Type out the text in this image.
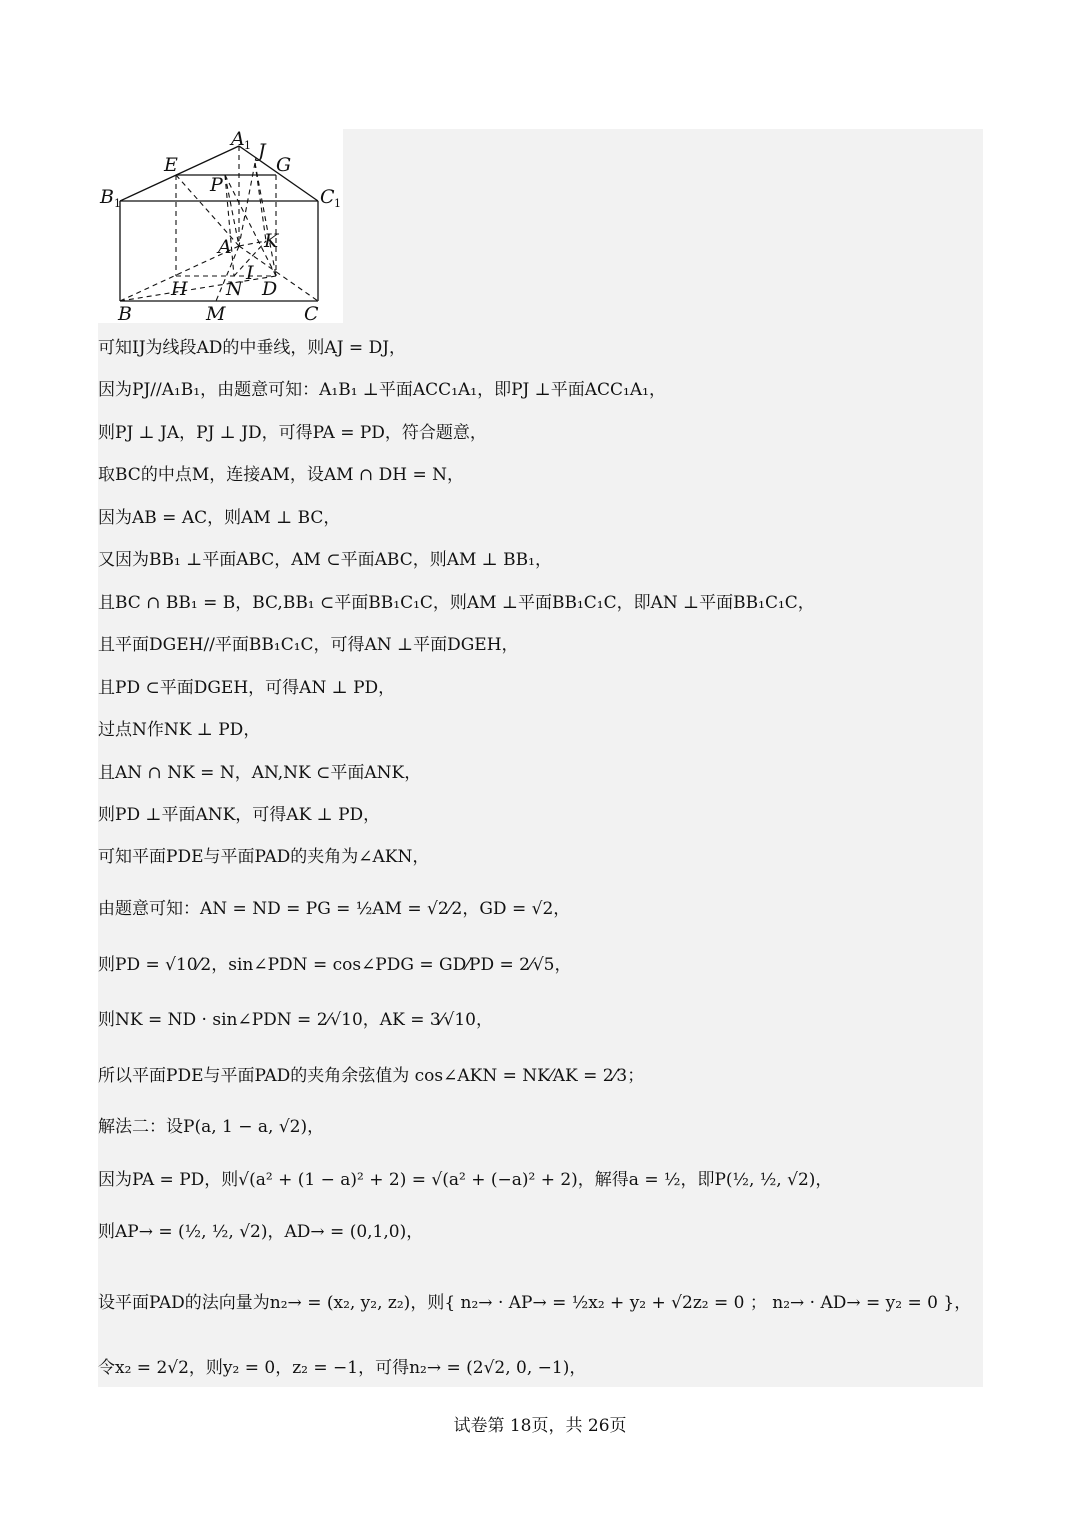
A 1 J
G
E
P
B 1	C 1
A K
I
H N D
B	M	C
可知IJ为线段AD的中垂线，则AJ = DJ，
因为PJ//A₁B₁，由题意可知：A₁B₁ ⊥平面ACC₁A₁，即PJ ⊥平面ACC₁A₁，
则PJ ⊥ JA，PJ ⊥ JD，可得PA = PD，符合题意，
取BC的中点M，连接AM，设AM ∩ DH = N，
因为AB = AC，则AM ⊥ BC，
又因为BB₁ ⊥平面ABC，AM ⊂平面ABC，则AM ⊥ BB₁，
且BC ∩ BB₁ = B，BC,BB₁ ⊂平面BB₁C₁C，则AM ⊥平面BB₁C₁C，即AN ⊥平面BB₁C₁C，
且平面DGEH//平面BB₁C₁C，可得AN ⊥平面DGEH，
且PD ⊂平面DGEH，可得AN ⊥ PD，
过点N作NK ⊥ PD，
且AN ∩ NK = N，AN,NK ⊂平面ANK，
则PD ⊥平面ANK，可得AK ⊥ PD，
可知平面PDE与平面PAD的夹角为∠AKN，
由题意可知：AN = ND = PG = ½AM = √2⁄2，GD = √2，
则PD = √10⁄2，sin∠PDN = cos∠PDG = GD⁄PD = 2⁄√5，
则NK = ND · sin∠PDN = 2⁄√10，AK = 3⁄√10，
所以平面PDE与平面PAD的夹角余弦值为 cos∠AKN = NK⁄AK = 2⁄3；
解法二：设P(a, 1 − a, √2)，
因为PA = PD，则√(a² + (1 − a)² + 2) = √(a² + (−a)² + 2)，解得a = ½，即P(½, ½, √2)，
则AP→ = (½, ½, √2)，AD→ = (0,1,0)，
设平面PAD的法向量为n₂→ = (x₂, y₂, z₂)，则{ n₂→ · AP→ = ½x₂ + y₂ + √2z₂ = 0 ； n₂→ · AD→ = y₂ = 0 }，
令x₂ = 2√2，则y₂ = 0，z₂ = −1，可得n₂→ = (2√2, 0, −1)，
试卷第 18页，共 26页
